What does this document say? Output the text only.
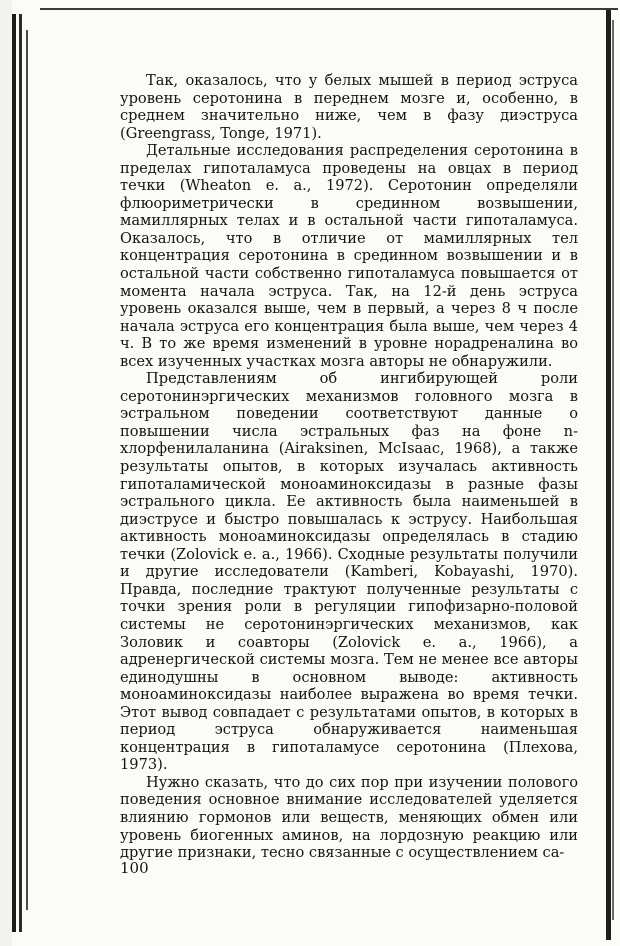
Так, оказалось, что у белых мышей в период эструса уровень серотонина в переднем мозге и, особенно, в среднем значительно ниже, чем в фазу диэструса (Greengrass, Tonge, 1971).

Детальные исследования распределения серотонина в пределах гипоталамуса проведены на овцах в период течки (Wheaton e. a., 1972). Серотонин определяли флюориметрически в срединном возвышении, мамиллярных телах и в остальной части гипоталамуса. Оказалось, что в отличие от мамиллярных тел концентрация серотонина в срединном возвышении и в остальной части собственно гипоталамуса повышается от момента начала эструса. Так, на 12-й день эструса уровень оказался выше, чем в первый, а через 8 ч после начала эструса его концентрация была выше, чем через 4 ч. В то же время изменений в уровне норадреналина во всех изученных участках мозга авторы не обнаружили.

Представлениям об ингибирующей роли серотонинэргических механизмов головного мозга в эстральном поведении соответствуют данные о повышении числа эстральных фаз на фоне n-хлорфенилаланина (Airaksinen, McIsaac, 1968), а также результаты опытов, в которых изучалась активность гипоталамической моноаминоксидазы в разные фазы эстрального цикла. Ее активность была наименьшей в диэструсе и быстро повышалась к эструсу. Наибольшая активность моноаминоксидазы определялась в стадию течки (Zolovick e. a., 1966). Сходные результаты получили и другие исследователи (Kamberi, Kobayashi, 1970). Правда, последние трактуют полученные результаты с точки зрения роли в регуляции гипофизарно-половой системы не серотонинэргических механизмов, как Золовик и соавторы (Zolovick e. a., 1966), а адренергической системы мозга. Тем не менее все авторы единодушны в основном выводе: активность моноаминоксидазы наиболее выражена во время течки. Этот вывод совпадает с результатами опытов, в которых в период эструса обнаруживается наименьшая концентрация в гипоталамусе серотонина (Плехова, 1973).

Нужно сказать, что до сих пор при изучении полового поведения основное внимание исследователей уделяется влиянию гормонов или веществ, меняющих обмен или уровень биогенных аминов, на лордозную реакцию или другие признаки, тесно связанные с осуществлением са-

100
